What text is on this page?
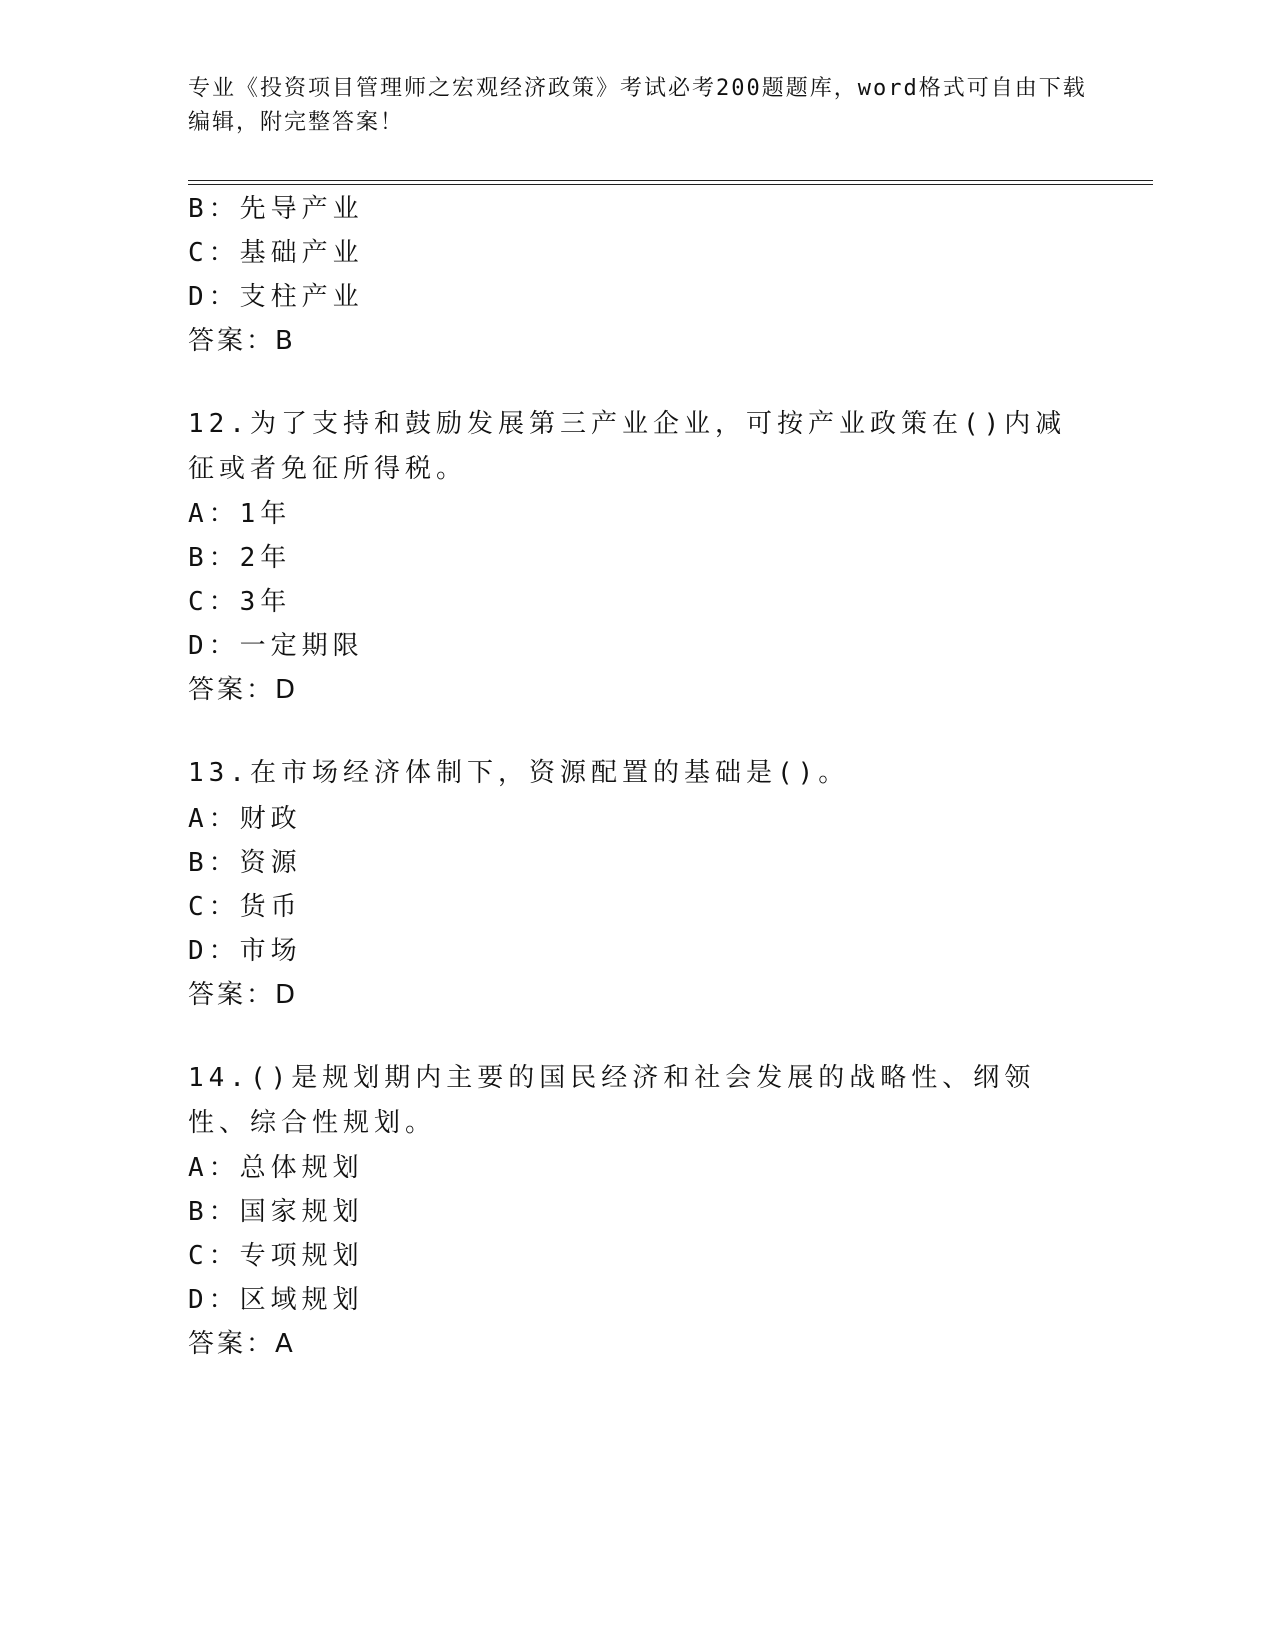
专业《投资项目管理师之宏观经济政策》考试必考200题题库，word格式可自由下载编辑，附完整答案！
B：先导产业
C：基础产业
D：支柱产业
答案：B
12.为了支持和鼓励发展第三产业企业，可按产业政策在()内减征或者免征所得税。
A：1年
B：2年
C：3年
D：一定期限
答案：D
13.在市场经济体制下，资源配置的基础是()。
A：财政
B：资源
C：货币
D：市场
答案：D
14.()是规划期内主要的国民经济和社会发展的战略性、纲领性、综合性规划。
A：总体规划
B：国家规划
C：专项规划
D：区域规划
答案：A
